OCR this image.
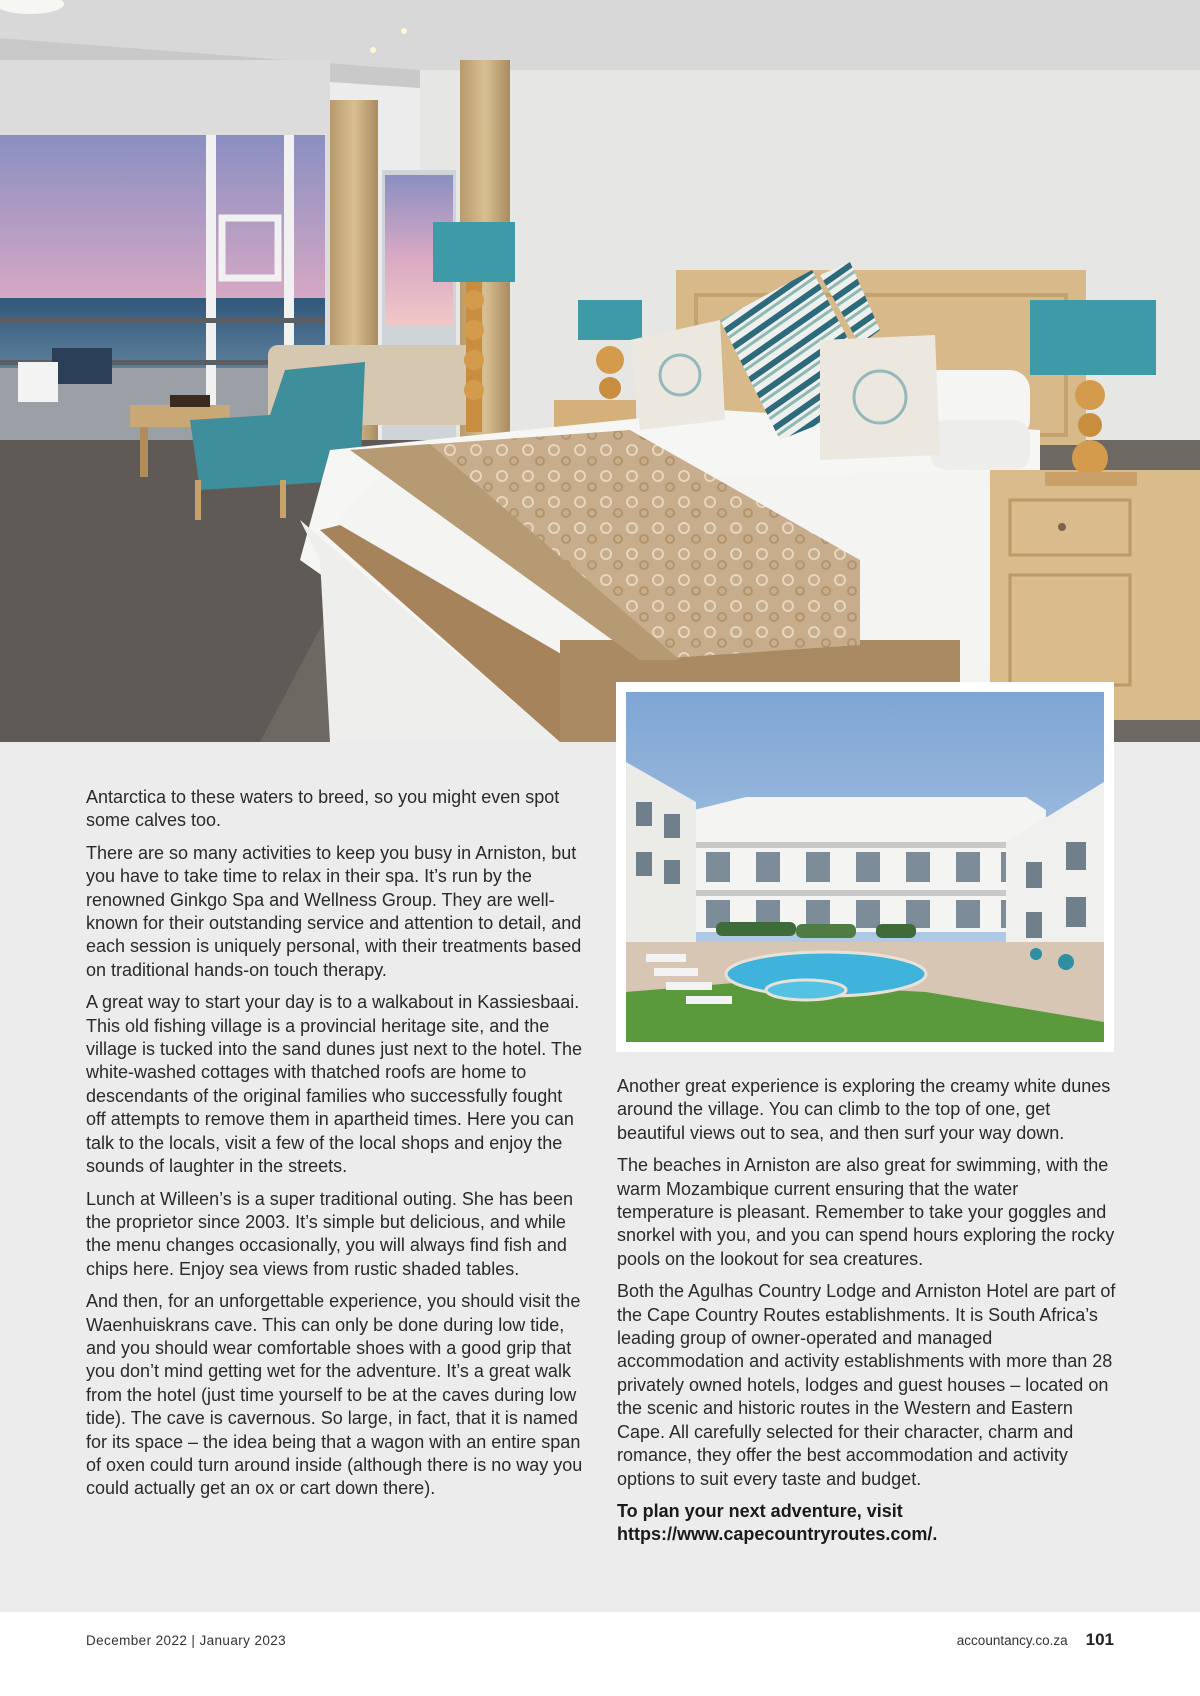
Antarctica to these waters to breed, so you might even spot some calves too.

There are so many activities to keep you busy in Arniston, but you have to take time to relax in their spa. It’s run by the renowned Ginkgo Spa and Wellness Group. They are well-known for their outstanding service and attention to detail, and each session is uniquely personal, with their treatments based on traditional hands-on touch therapy.

A great way to start your day is to a walkabout in Kassiesbaai. This old fishing village is a provincial heritage site, and the village is tucked into the sand dunes just next to the hotel. The white-washed cottages with thatched roofs are home to descendants of the original families who successfully fought off attempts to remove them in apartheid times. Here you can talk to the locals, visit a few of the local shops and enjoy the sounds of laughter in the streets.

Lunch at Willeen’s is a super traditional outing. She has been the proprietor since 2003. It’s simple but delicious, and while the menu changes occasionally, you will always find fish and chips here. Enjoy sea views from rustic shaded tables.

And then, for an unforgettable experience, you should visit the Waenhuiskrans cave. This can only be done during low tide, and you should wear comfortable shoes with a good grip that you don’t mind getting wet for the adventure. It’s a great walk from the hotel (just time yourself to be at the caves during low tide). The cave is cavernous. So large, in fact, that it is named for its space – the idea being that a wagon with an entire span of oxen could turn around inside (although there is no way you could actually get an ox or cart down there).

Another great experience is exploring the creamy white dunes around the village. You can climb to the top of one, get beautiful views out to sea, and then surf your way down.

The beaches in Arniston are also great for swimming, with the warm Mozambique current ensuring that the water temperature is pleasant. Remember to take your goggles and snorkel with you, and you can spend hours exploring the rocky pools on the lookout for sea creatures.

Both the Agulhas Country Lodge and Arniston Hotel are part of the Cape Country Routes establishments. It is South Africa’s leading group of owner-operated and managed accommodation and activity establishments with more than 28 privately owned hotels, lodges and guest houses – located on the scenic and historic routes in the Western and Eastern Cape. All carefully selected for their character, charm and romance, they offer the best accommodation and activity options to suit every taste and budget.

To plan your next adventure, visit https://www.capecountryroutes.com/.

December 2022 | January 2023	accountancy.co.za 101
